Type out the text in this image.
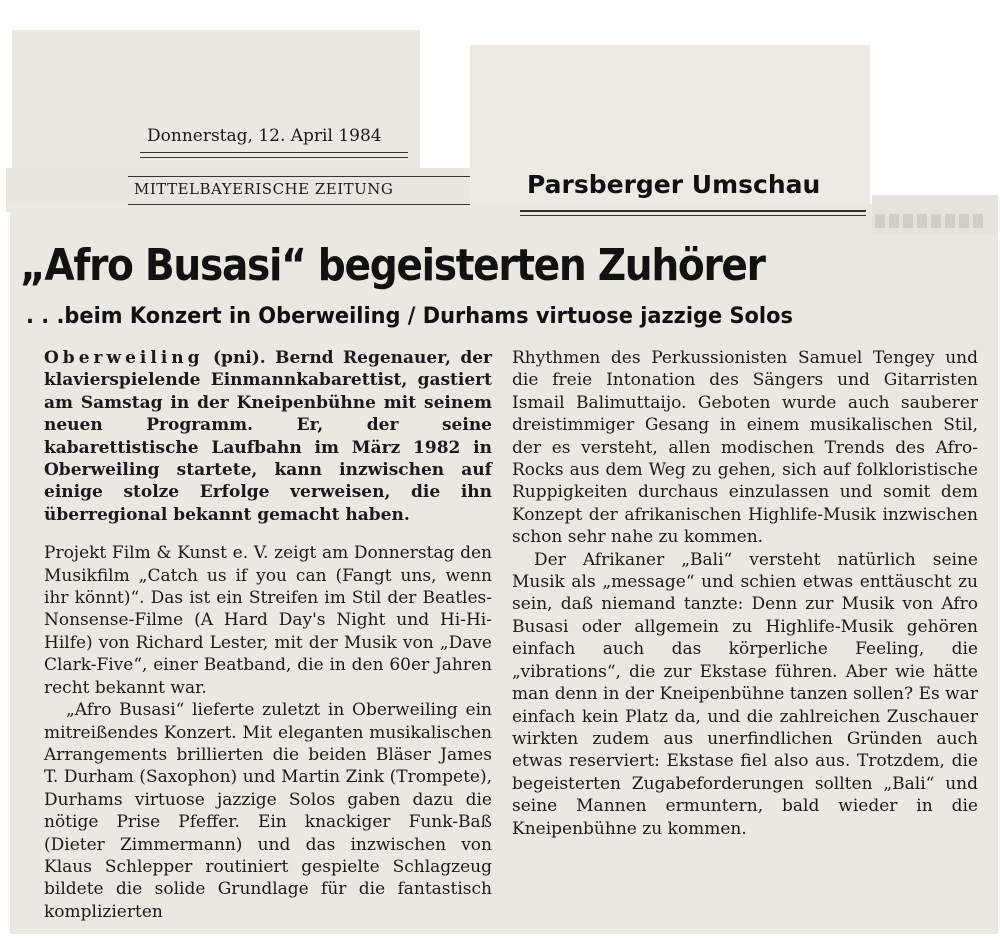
Donnerstag, 12. April 1984
MITTELBAYERISCHE ZEITUNG	Parsberger Umschau
„Afro Busasi“ begeisterten Zuhörer
. . .beim Konzert in Oberweiling / Durhams virtuose jazzige Solos

Oberweiling (pni). Bernd Regenauer, der klavierspielende Einmannkabarettist, gastiert am Samstag in der Kneipenbühne mit seinem neuen Programm. Er, der seine kabarettistische Laufbahn im März 1982 in Oberweiling startete, kann inzwischen auf einige stolze Erfolge verweisen, die ihn überregional bekannt gemacht haben.

Projekt Film & Kunst e. V. zeigt am Donnerstag den Musikfilm „Catch us if you can (Fangt uns, wenn ihr könnt)“. Das ist ein Streifen im Stil der Beatles-Nonsense-Filme (A Hard Day's Night und Hi-Hi-Hilfe) von Richard Lester, mit der Musik von „Dave Clark-Five“, einer Beatband, die in den 60er Jahren recht bekannt war.

„Afro Busasi“ lieferte zuletzt in Oberweiling ein mitreißendes Konzert. Mit eleganten musikalischen Arrangements brillierten die beiden Bläser James T. Durham (Saxophon) und Martin Zink (Trompete), Durhams virtuose jazzige Solos gaben dazu die nötige Prise Pfeffer. Ein knackiger Funk-Baß (Dieter Zimmermann) und das inzwischen von Klaus Schlepper routiniert gespielte Schlagzeug bildete die solide Grundlage für die fantastisch komplizierten

Rhythmen des Perkussionisten Samuel Tengey und die freie Intonation des Sängers und Gitarristen Ismail Balimuttaijo. Geboten wurde auch sauberer dreistimmiger Gesang in einem musikalischen Stil, der es versteht, allen modischen Trends des Afro-Rocks aus dem Weg zu gehen, sich auf folkloristische Ruppigkeiten durchaus einzulassen und somit dem Konzept der afrikanischen Highlife-Musik inzwischen schon sehr nahe zu kommen.

Der Afrikaner „Bali“ versteht natürlich seine Musik als „message“ und schien etwas enttäuscht zu sein, daß niemand tanzte: Denn zur Musik von Afro Busasi oder allgemein zu Highlife-Musik gehören einfach auch das körperliche Feeling, die „vibrations“, die zur Ekstase führen. Aber wie hätte man denn in der Kneipenbühne tanzen sollen? Es war einfach kein Platz da, und die zahlreichen Zuschauer wirkten zudem aus unerfindlichen Gründen auch etwas reserviert: Ekstase fiel also aus. Trotzdem, die begeisterten Zugabeforderungen sollten „Bali“ und seine Mannen ermuntern, bald wieder in die Kneipenbühne zu kommen.
